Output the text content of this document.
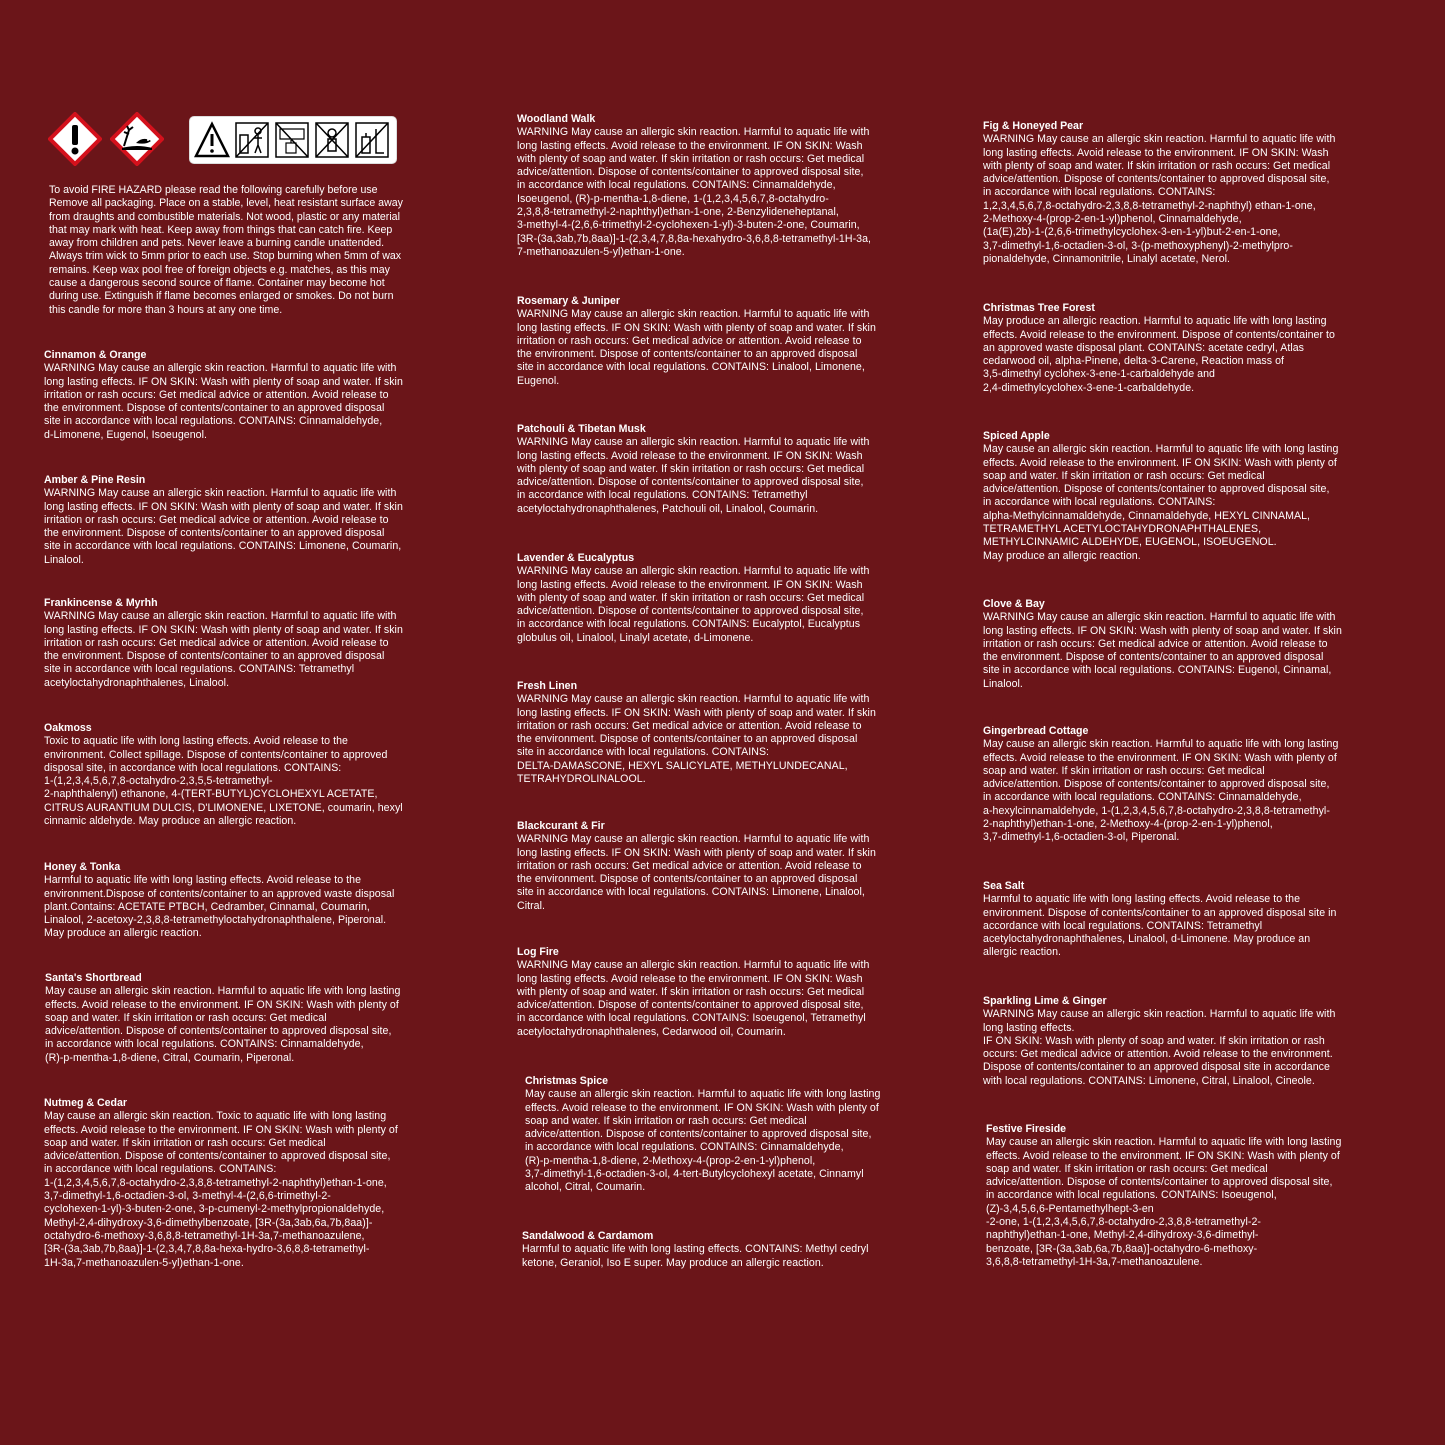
To avoid FIRE HAZARD please read the following carefully before use
Remove all packaging. Place on a stable, level, heat resistant surface away
from draughts and combustible materials. Not wood, plastic or any material
that may mark with heat. Keep away from things that can catch fire. Keep
away from children and pets. Never leave a burning candle unattended.
Always trim wick to 5mm prior to each use. Stop burning when 5mm of wax
remains. Keep wax pool free of foreign objects e.g. matches, as this may
cause a dangerous second source of flame. Container may become hot
during use. Extinguish if flame becomes enlarged or smokes. Do not burn
this candle for more than 3 hours at any one time.

Cinnamon & Orange

WARNING May cause an allergic skin reaction. Harmful to aquatic life with
long lasting effects. IF ON SKIN: Wash with plenty of soap and water. If skin
irritation or rash occurs: Get medical advice or attention. Avoid release to
the environment. Dispose of contents/container to an approved disposal
site in accordance with local regulations. CONTAINS: Cinnamaldehyde,
d-Limonene, Eugenol, Isoeugenol.

Amber & Pine Resin

WARNING May cause an allergic skin reaction. Harmful to aquatic life with
long lasting effects. IF ON SKIN: Wash with plenty of soap and water. If skin
irritation or rash occurs: Get medical advice or attention. Avoid release to
the environment. Dispose of contents/container to an approved disposal
site in accordance with local regulations. CONTAINS: Limonene, Coumarin,
Linalool.

Frankincense & Myrhh

WARNING May cause an allergic skin reaction. Harmful to aquatic life with
long lasting effects. IF ON SKIN: Wash with plenty of soap and water. If skin
irritation or rash occurs: Get medical advice or attention. Avoid release to
the environment. Dispose of contents/container to an approved disposal
site in accordance with local regulations. CONTAINS: Tetramethyl
acetyloctahydronaphthalenes, Linalool.

Oakmoss

Toxic to aquatic life with long lasting effects. Avoid release to the
environment. Collect spillage. Dispose of contents/container to approved
disposal site, in accordance with local regulations. CONTAINS:
1-(1,2,3,4,5,6,7,8-octahydro-2,3,5,5-tetramethyl-
2-naphthalenyl) ethanone, 4-(TERT-BUTYL)CYCLOHEXYL ACETATE,
CITRUS AURANTIUM DULCIS, D'LIMONENE, LIXETONE, coumarin, hexyl
cinnamic aldehyde. May produce an allergic reaction.

Honey & Tonka

Harmful to aquatic life with long lasting effects. Avoid release to the
environment.Dispose of contents/container to an approved waste disposal
plant.Contains: ACETATE PTBCH, Cedramber, Cinnamal, Coumarin,
Linalool, 2-acetoxy-2,3,8,8-tetramethyloctahydronaphthalene, Piperonal.
May produce an allergic reaction.

Santa's Shortbread

May cause an allergic skin reaction. Harmful to aquatic life with long lasting
effects. Avoid release to the environment. IF ON SKIN: Wash with plenty of
soap and water. If skin irritation or rash occurs: Get medical
advice/attention. Dispose of contents/container to approved disposal site,
in accordance with local regulations. CONTAINS: Cinnamaldehyde,
(R)-p-mentha-1,8-diene, Citral, Coumarin, Piperonal.

Nutmeg & Cedar

May cause an allergic skin reaction. Toxic to aquatic life with long lasting
effects. Avoid release to the environment. IF ON SKIN: Wash with plenty of
soap and water. If skin irritation or rash occurs: Get medical
advice/attention. Dispose of contents/container to approved disposal site,
in accordance with local regulations. CONTAINS:
1-(1,2,3,4,5,6,7,8-octahydro-2,3,8,8-tetramethyl-2-naphthyl)ethan-1-one,
3,7-dimethyl-1,6-octadien-3-ol, 3-methyl-4-(2,6,6-trimethyl-2-
cyclohexen-1-yl)-3-buten-2-one, 3-p-cumenyl-2-methylpropionaldehyde,
Methyl-2,4-dihydroxy-3,6-dimethylbenzoate, [3R-(3a,3ab,6a,7b,8aa)]-
octahydro-6-methoxy-3,6,8,8-tetramethyl-1H-3a,7-methanoazulene,
[3R-(3a,3ab,7b,8aa)]-1-(2,3,4,7,8,8a-hexa-hydro-3,6,8,8-tetramethyl-
1H-3a,7-methanoazulen-5-yl)ethan-1-one.

Woodland Walk

WARNING May cause an allergic skin reaction. Harmful to aquatic life with
long lasting effects. Avoid release to the environment. IF ON SKIN: Wash
with plenty of soap and water. If skin irritation or rash occurs: Get medical
advice/attention. Dispose of contents/container to approved disposal site,
in accordance with local regulations. CONTAINS: Cinnamaldehyde,
Isoeugenol, (R)-p-mentha-1,8-diene, 1-(1,2,3,4,5,6,7,8-octahydro-
2,3,8,8-tetramethyl-2-naphthyl)ethan-1-one, 2-Benzylideneheptanal,
3-methyl-4-(2,6,6-trimethyl-2-cyclohexen-1-yl)-3-buten-2-one, Coumarin,
[3R-(3a,3ab,7b,8aa)]-1-(2,3,4,7,8,8a-hexahydro-3,6,8,8-tetramethyl-1H-3a,
7-methanoazulen-5-yl)ethan-1-one.

Rosemary & Juniper

WARNING May cause an allergic skin reaction. Harmful to aquatic life with
long lasting effects. IF ON SKIN: Wash with plenty of soap and water. If skin
irritation or rash occurs: Get medical advice or attention. Avoid release to
the environment. Dispose of contents/container to an approved disposal
site in accordance with local regulations. CONTAINS: Linalool, Limonene,
Eugenol.

Patchouli & Tibetan Musk

WARNING May cause an allergic skin reaction. Harmful to aquatic life with
long lasting effects. Avoid release to the environment. IF ON SKIN: Wash
with plenty of soap and water. If skin irritation or rash occurs: Get medical
advice/attention. Dispose of contents/container to approved disposal site,
in accordance with local regulations. CONTAINS: Tetramethyl
acetyloctahydronaphthalenes, Patchouli oil, Linalool, Coumarin.

Lavender & Eucalyptus

WARNING May cause an allergic skin reaction. Harmful to aquatic life with
long lasting effects. Avoid release to the environment. IF ON SKIN: Wash
with plenty of soap and water. If skin irritation or rash occurs: Get medical
advice/attention. Dispose of contents/container to approved disposal site,
in accordance with local regulations. CONTAINS: Eucalyptol, Eucalyptus
globulus oil, Linalool, Linalyl acetate, d-Limonene.

Fresh Linen

WARNING May cause an allergic skin reaction. Harmful to aquatic life with
long lasting effects. IF ON SKIN: Wash with plenty of soap and water. If skin
irritation or rash occurs: Get medical advice or attention. Avoid release to
the environment. Dispose of contents/container to an approved disposal
site in accordance with local regulations. CONTAINS:
DELTA-DAMASCONE, HEXYL SALICYLATE, METHYLUNDECANAL,
TETRAHYDROLINALOOL.

Blackcurant & Fir

WARNING May cause an allergic skin reaction. Harmful to aquatic life with
long lasting effects. IF ON SKIN: Wash with plenty of soap and water. If skin
irritation or rash occurs: Get medical advice or attention. Avoid release to
the environment. Dispose of contents/container to an approved disposal
site in accordance with local regulations. CONTAINS: Limonene, Linalool,
Citral.

Log Fire

WARNING May cause an allergic skin reaction. Harmful to aquatic life with
long lasting effects. Avoid release to the environment. IF ON SKIN: Wash
with plenty of soap and water. If skin irritation or rash occurs: Get medical
advice/attention. Dispose of contents/container to approved disposal site,
in accordance with local regulations. CONTAINS: Isoeugenol, Tetramethyl
acetyloctahydronaphthalenes, Cedarwood oil, Coumarin.

Christmas Spice

May cause an allergic skin reaction. Harmful to aquatic life with long lasting
effects. Avoid release to the environment. IF ON SKIN: Wash with plenty of
soap and water. If skin irritation or rash occurs: Get medical
advice/attention. Dispose of contents/container to approved disposal site,
in accordance with local regulations. CONTAINS: Cinnamaldehyde,
(R)-p-mentha-1,8-diene, 2-Methoxy-4-(prop-2-en-1-yl)phenol,
3,7-dimethyl-1,6-octadien-3-ol, 4-tert-Butylcyclohexyl acetate, Cinnamyl
alcohol, Citral, Coumarin.

Sandalwood & Cardamom

Harmful to aquatic life with long lasting effects. CONTAINS: Methyl cedryl
ketone, Geraniol, Iso E super. May produce an allergic reaction.

Fig & Honeyed Pear

WARNING May cause an allergic skin reaction. Harmful to aquatic life with
long lasting effects. Avoid release to the environment. IF ON SKIN: Wash
with plenty of soap and water. If skin irritation or rash occurs: Get medical
advice/attention. Dispose of contents/container to approved disposal site,
in accordance with local regulations. CONTAINS:
1,2,3,4,5,6,7,8-octahydro-2,3,8,8-tetramethyl-2-naphthyl) ethan-1-one,
2-Methoxy-4-(prop-2-en-1-yl)phenol, Cinnamaldehyde,
(1a(E),2b)-1-(2,6,6-trimethylcyclohex-3-en-1-yl)but-2-en-1-one,
3,7-dimethyl-1,6-octadien-3-ol, 3-(p-methoxyphenyl)-2-methylpro-
pionaldehyde, Cinnamonitrile, Linalyl acetate, Nerol.

Christmas Tree Forest

May produce an allergic reaction. Harmful to aquatic life with long lasting
effects. Avoid release to the environment. Dispose of contents/container to
an approved waste disposal plant. CONTAINS: acetate cedryl, Atlas
cedarwood oil, alpha-Pinene, delta-3-Carene, Reaction mass of
3,5-dimethyl cyclohex-3-ene-1-carbaldehyde and
2,4-dimethylcyclohex-3-ene-1-carbaldehyde.

Spiced Apple

May cause an allergic skin reaction. Harmful to aquatic life with long lasting
effects. Avoid release to the environment. IF ON SKIN: Wash with plenty of
soap and water. If skin irritation or rash occurs: Get medical
advice/attention. Dispose of contents/container to approved disposal site,
in accordance with local regulations. CONTAINS:
alpha-Methylcinnamaldehyde, Cinnamaldehyde, HEXYL CINNAMAL,
TETRAMETHYL ACETYLOCTAHYDRONAPHTHALENES,
METHYLCINNAMIC ALDEHYDE, EUGENOL, ISOEUGENOL.
May produce an allergic reaction.

Clove & Bay

WARNING May cause an allergic skin reaction. Harmful to aquatic life with
long lasting effects. IF ON SKIN: Wash with plenty of soap and water. If skin
irritation or rash occurs: Get medical advice or attention. Avoid release to
the environment. Dispose of contents/container to an approved disposal
site in accordance with local regulations. CONTAINS: Eugenol, Cinnamal,
Linalool.

Gingerbread Cottage

May cause an allergic skin reaction. Harmful to aquatic life with long lasting
effects. Avoid release to the environment. IF ON SKIN: Wash with plenty of
soap and water. If skin irritation or rash occurs: Get medical
advice/attention. Dispose of contents/container to approved disposal site,
in accordance with local regulations. CONTAINS: Cinnamaldehyde,
a-hexylcinnamaldehyde, 1-(1,2,3,4,5,6,7,8-octahydro-2,3,8,8-tetramethyl-
2-naphthyl)ethan-1-one, 2-Methoxy-4-(prop-2-en-1-yl)phenol,
3,7-dimethyl-1,6-octadien-3-ol, Piperonal.

Sea Salt

Harmful to aquatic life with long lasting effects. Avoid release to the
environment. Dispose of contents/container to an approved disposal site in
accordance with local regulations. CONTAINS: Tetramethyl
acetyloctahydronaphthalenes, Linalool, d-Limonene. May produce an
allergic reaction.

Sparkling Lime & Ginger

WARNING May cause an allergic skin reaction. Harmful to aquatic life with
long lasting effects.
IF ON SKIN: Wash with plenty of soap and water. If skin irritation or rash
occurs: Get medical advice or attention. Avoid release to the environment.
Dispose of contents/container to an approved disposal site in accordance
with local regulations. CONTAINS: Limonene, Citral, Linalool, Cineole.

Festive Fireside

May cause an allergic skin reaction. Harmful to aquatic life with long lasting
effects. Avoid release to the environment. IF ON SKIN: Wash with plenty of
soap and water. If skin irritation or rash occurs: Get medical
advice/attention. Dispose of contents/container to approved disposal site,
in accordance with local regulations. CONTAINS: Isoeugenol,
(Z)-3,4,5,6,6-Pentamethylhept-3-en
-2-one, 1-(1,2,3,4,5,6,7,8-octahydro-2,3,8,8-tetramethyl-2-
naphthyl)ethan-1-one, Methyl-2,4-dihydroxy-3,6-dimethyl-
benzoate, [3R-(3a,3ab,6a,7b,8aa)]-octahydro-6-methoxy-
3,6,8,8-tetramethyl-1H-3a,7-methanoazulene.
